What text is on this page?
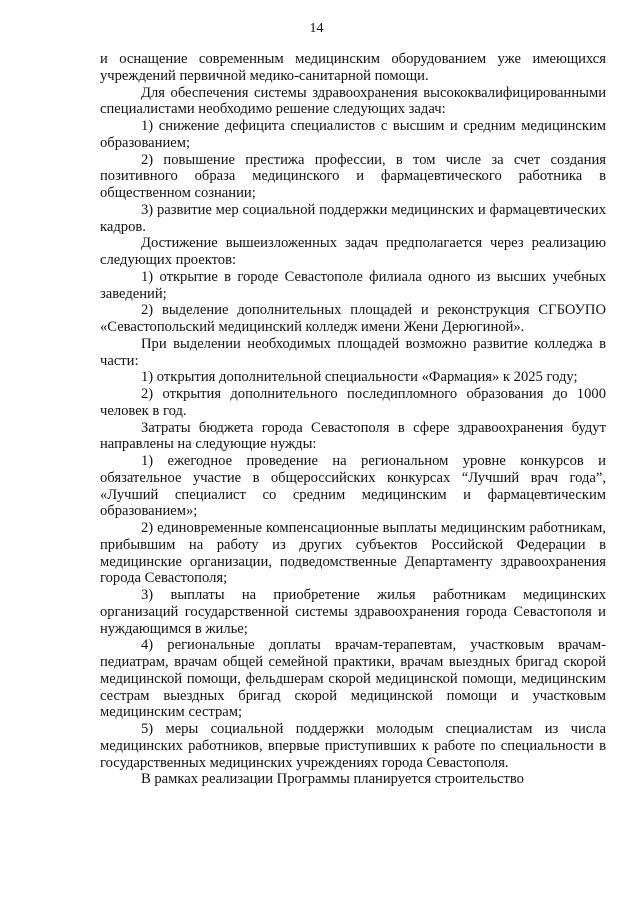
14

и оснащение современным медицинским оборудованием уже имеющихся учреждений первичной медико-санитарной помощи.

Для обеспечения системы здравоохранения высококвалифицированными специалистами необходимо решение следующих задач:

1) снижение дефицита специалистов с высшим и средним медицинским образованием;

2) повышение престижа профессии, в том числе за счет создания позитивного образа медицинского и фармацевтического работника в общественном сознании;

3) развитие мер социальной поддержки медицинских и фармацевтических кадров.

Достижение вышеизложенных задач предполагается через реализацию следующих проектов:

1) открытие в городе Севастополе филиала одного из высших учебных заведений;

2) выделение дополнительных площадей и реконструкция СГБОУПО «Севастопольский медицинский колледж имени Жени Дерюгиной».

При выделении необходимых площадей возможно развитие колледжа в части:

1) открытия дополнительной специальности «Фармация» к 2025 году;

2) открытия дополнительного последипломного образования до 1000 человек в год.

Затраты бюджета города Севастополя в сфере здравоохранения будут направлены на следующие нужды:

1) ежегодное проведение на региональном уровне конкурсов и обязательное участие в общероссийских конкурсах “Лучший врач года”, «Лучший специалист со средним медицинским и фармацевтическим образованием»;

2) единовременные компенсационные выплаты медицинским работникам, прибывшим на работу из других субъектов Российской Федерации в медицинские организации, подведомственные Департаменту здравоохранения города Севастополя;

3) выплаты на приобретение жилья работникам медицинских организаций государственной системы здравоохранения города Севастополя и нуждающимся в жилье;

4) региональные доплаты врачам-терапевтам, участковым врачам-педиатрам, врачам общей семейной практики, врачам выездных бригад скорой медицинской помощи, фельдшерам скорой медицинской помощи, медицинским сестрам выездных бригад скорой медицинской помощи и участковым медицинским сестрам;

5) меры социальной поддержки молодым специалистам из числа медицинских работников, впервые приступивших к работе по специальности в государственных медицинских учреждениях города Севастополя.

В рамках реализации Программы планируется строительство
